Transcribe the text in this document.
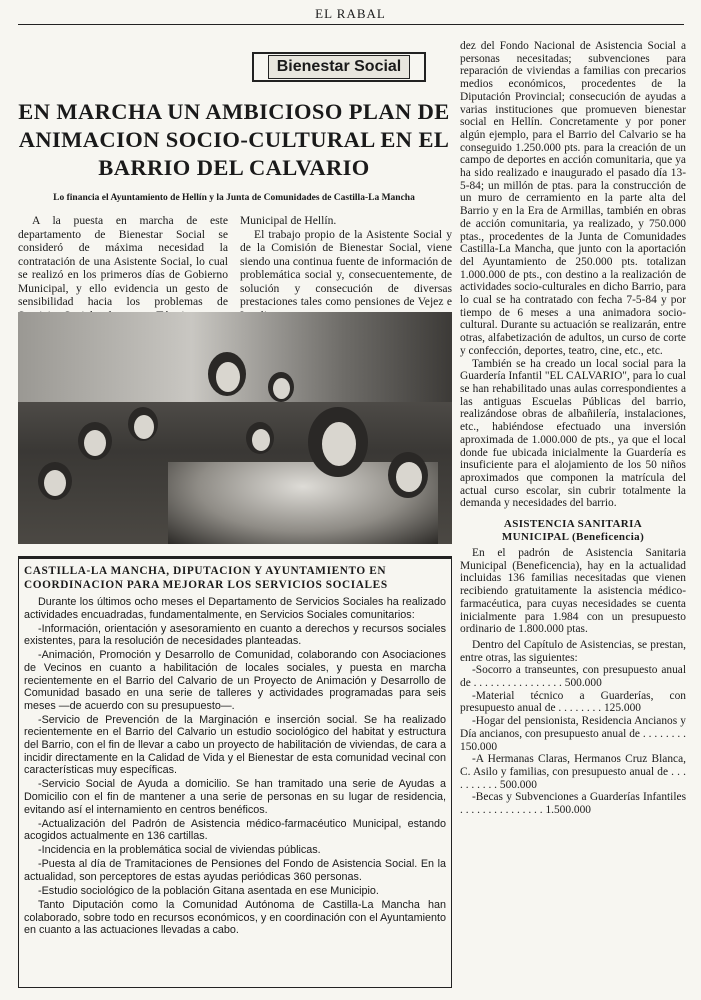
EL RABAL
Bienestar Social
EN MARCHA UN AMBICIOSO PLAN DE ANIMACION SOCIO-CULTURAL EN EL BARRIO DEL CALVARIO
Lo financia el Ayuntamiento de Hellín y la Junta de Comunidades de Castilla-La Mancha

A la puesta en marcha de este departamento de Bienestar Social se consideró de máxima necesidad la contratación de una Asistente Social, lo cual se realizó en los primeros días de Gobierno Municipal, y ello evidencia un gesto de sensibilidad hacia los problemas de

Municipal de Hellín.

El trabajo propio de la Asistente Social y de la Comisión de Bienestar Social, viene siendo una continua fuente de información de problemática social y, consecuentemente, de solución y consecución de diversas prestaciones tales como pensiones de Vejez e

CASTILLA-LA MANCHA, DIPUTACION Y AYUNTAMIENTO EN COORDINACION PARA MEJORAR LOS SERVICIOS SOCIALES

Durante los últimos ocho meses el Departamento de Servicios Sociales ha realizado actividades encuadradas, fundamentalmente, en Servicios Sociales comunitarios:

-Información, orientación y asesoramiento en cuanto a derechos y recursos sociales existentes, para la resolución de necesidades planteadas.

-Animación, Promoción y Desarrollo de Comunidad, colaborando con Asociaciones de Vecinos en cuanto a habilitación de locales sociales, y puesta en marcha recientemente en el Barrio del Calvario de un Proyecto de Animación y Desarrollo de Comunidad basado en una serie de talleres y actividades programadas para seis meses —de acuerdo con su presupuesto—.

-Servicio de Prevención de la Marginación e inserción social. Se ha realizado recientemente en el Barrio del Calvario un estudio sociológico del habitat y estructura del Barrio, con el fin de llevar a cabo un proyecto de habilitación de viviendas, de cara a incidir directamente en la Calidad de Vida y el Bienestar de esta comunidad vecinal con características muy específicas.

-Servicio Social de Ayuda a domicilio. Se han tramitado una serie de Ayudas a Domicilio con el fin de mantener a una serie de personas en su lugar de residencia, evitando así el internamiento en centros benéficos.

-Actualización del Padrón de Asistencia médico-farmacéutico Municipal, estando acogidos actualmente en 136 cartillas.

-Incidencia en la problemática social de viviendas públicas.

-Puesta al día de Tramitaciones de Pensiones del Fondo de Asistencia Social. En la actualidad, son perceptores de estas ayudas periódicas 360 personas.

-Estudio sociológico de la población Gitana asentada en ese Municipio.

Tanto Diputación como la Comunidad Autónoma de Castilla-La Mancha han colaborado, sobre todo en recursos económicos, y en coordinación con el Ayuntamiento en cuanto a las actuaciones llevadas a cabo.

dez del Fondo Nacional de Asistencia Social a personas necesitadas; subvenciones para reparación de viviendas a familias con precarios medios económicos, procedentes de la Diputación Provincial; consecución de ayudas a varias instituciones que promueven bienestar social en Hellín. Concretamente y por poner algún ejemplo, para el Barrio del Calvario se ha conseguido 1.250.000 pts. para la creación de un campo de deportes en acción comunitaria, que ya ha sido realizado e inaugurado el pasado día 13-5-84; un millón de ptas. para la construcción de un muro de cerramiento en la parte alta del Barrio y en la Era de Armillas, también en obras de acción comunitaria, ya realizado, y 750.000 ptas., procedentes de la Junta de Comunidades Castilla-La Mancha, que junto con la aportación del Ayuntamiento de 250.000 pts. totalizan 1.000.000 de pts., con destino a la realización de actividades socio-culturales en dicho Barrio, para lo cual se ha contratado con fecha 7-5-84 y por tiempo de 6 meses a una animadora socio-cultural. Durante su actuación se realizarán, entre otras, alfabetización de adultos, un curso de corte y confección, deportes, teatro, cine, etc., etc.

También se ha creado un local social para la Guardería Infantil "EL CALVARIO", para lo cual se han rehabilitado unas aulas correspondientes a las antiguas Escuelas Públicas del barrio, realizándose obras de albañilería, instalaciones, etc., habiéndose efectuado una inversión aproximada de 1.000.000 de pts., ya que el local donde fue ubicada inicialmente la Guardería es insuficiente para el alojamiento de los 50 niños aproximados que componen la matrícula del actual curso escolar, sin cubrir totalmente la demanda y necesidades del barrio.

ASISTENCIA SANITARIA
MUNICIPAL (Beneficencia)

En el padrón de Asistencia Sanitaria Municipal (Beneficencia), hay en la actualidad incluidas 136 familias necesitadas que vienen recibiendo gratuitamente la asistencia médico-farmacéutica, para cuyas necesidades se cuenta inicialmente para 1.984 con un presupuesto ordinario de 1.800.000 ptas.

Dentro del Capítulo de Asistencias, se prestan, entre otras, las siguientes:

-Socorro a transeuntes, con presupuesto anual de . . . . . . . . . . . . . . . . 500.000

-Material técnico a Guarderías, con presupuesto anual de . . . . . . . . 125.000

-Hogar del pensionista, Residencia Ancianos y Día ancianos, con presupuesto anual de . . . . . . . . 150.000

-A Hermanas Claras, Hermanos Cruz Blanca, C. Asilo y familias, con presupuesto anual de . . . . . . . . . . 500.000

-Becas y Subvenciones a Guarderías Infantiles . . . . . . . . . . . . . . . 1.500.000
